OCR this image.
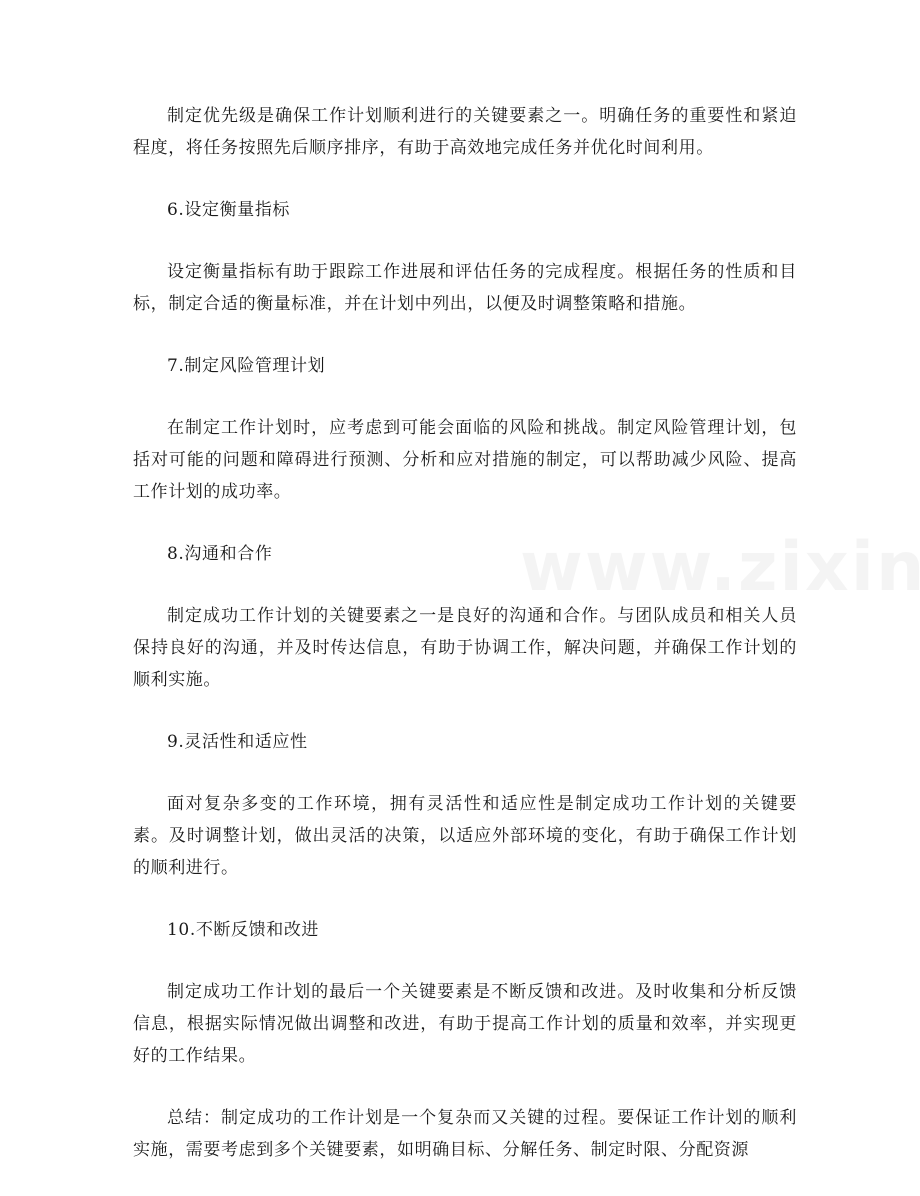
制定优先级是确保工作计划顺利进行的关键要素之一。明确任务的重要性和紧迫程度，将任务按照先后顺序排序，有助于高效地完成任务并优化时间利用。

6.设定衡量指标

设定衡量指标有助于跟踪工作进展和评估任务的完成程度。根据任务的性质和目标，制定合适的衡量标准，并在计划中列出，以便及时调整策略和措施。

7.制定风险管理计划

在制定工作计划时，应考虑到可能会面临的风险和挑战。制定风险管理计划，包括对可能的问题和障碍进行预测、分析和应对措施的制定，可以帮助减少风险、提高工作计划的成功率。

8.沟通和合作

制定成功工作计划的关键要素之一是良好的沟通和合作。与团队成员和相关人员保持良好的沟通，并及时传达信息，有助于协调工作，解决问题，并确保工作计划的顺利实施。

9.灵活性和适应性

面对复杂多变的工作环境，拥有灵活性和适应性是制定成功工作计划的关键要素。及时调整计划，做出灵活的决策，以适应外部环境的变化，有助于确保工作计划的顺利进行。

10.不断反馈和改进

制定成功工作计划的最后一个关键要素是不断反馈和改进。及时收集和分析反馈信息，根据实际情况做出调整和改进，有助于提高工作计划的质量和效率，并实现更好的工作结果。

总结：制定成功的工作计划是一个复杂而又关键的过程。要保证工作计划的顺利实施，需要考虑到多个关键要素，如明确目标、分解任务、制定时限、分配资源
